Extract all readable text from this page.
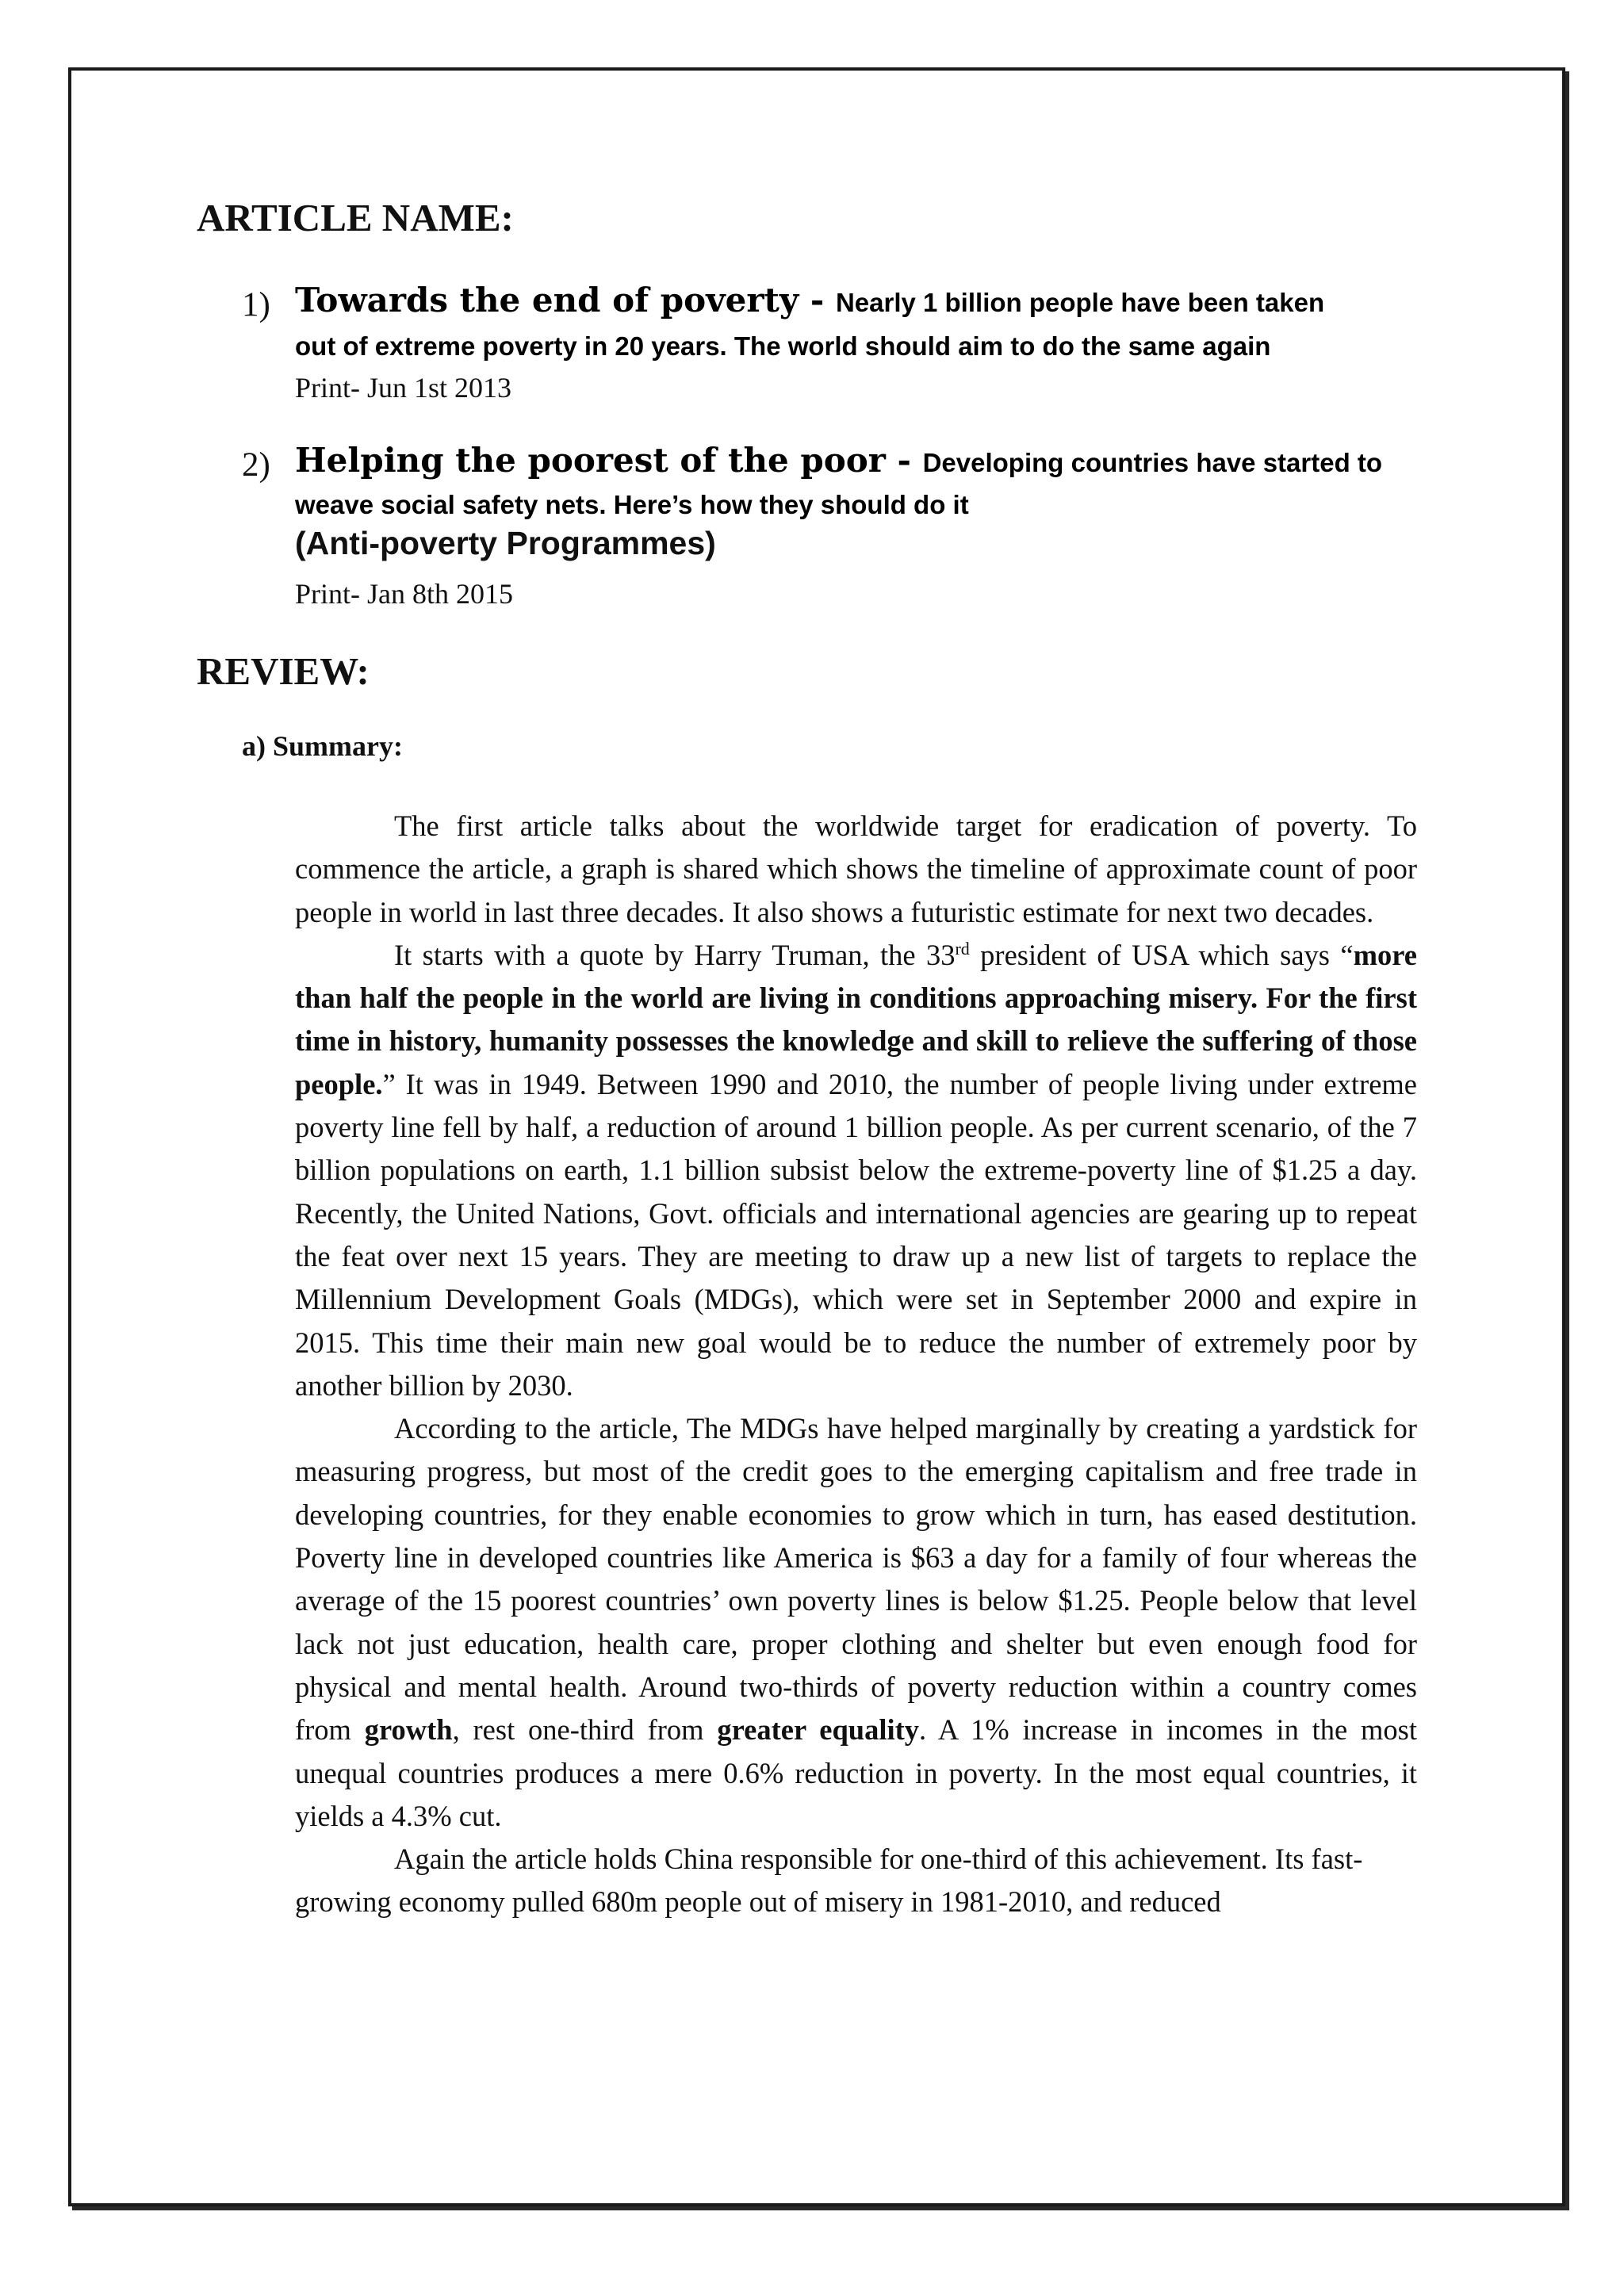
ARTICLE NAME:
1) Towards the end of poverty - Nearly 1 billion people have been taken
out of extreme poverty in 20 years. The world should aim to do the same again
Print- Jun 1st 2013
2) Helping the poorest of the poor - Developing countries have started to
weave social safety nets. Here’s how they should do it
(Anti-poverty Programmes)
Print- Jan 8th 2015
REVIEW:
a) Summary:

The first article talks about the worldwide target for eradication of poverty. To commence the article, a graph is shared which shows the timeline of approximate count of poor people in world in last three decades. It also shows a futuristic estimate for next two decades.

It starts with a quote by Harry Truman, the 33rd president of USA which says “more than half the people in the world are living in conditions approaching misery. For the first time in history, humanity possesses the knowledge and skill to relieve the suffering of those people.” It was in 1949. Between 1990 and 2010, the number of people living under extreme poverty line fell by half, a reduction of around 1 billion people. As per current scenario, of the 7 billion populations on earth, 1.1 billion subsist below the extreme-poverty line of $1.25 a day. Recently, the United Nations, Govt. officials and international agencies are gearing up to repeat the feat over next 15 years. They are meeting to draw up a new list of targets to replace the Millennium Development Goals (MDGs), which were set in September 2000 and expire in 2015. This time their main new goal would be to reduce the number of extremely poor by another billion by 2030.

According to the article, The MDGs have helped marginally by creating a yardstick for measuring progress, but most of the credit goes to the emerging capitalism and free trade in developing countries, for they enable economies to grow which in turn, has eased destitution. Poverty line in developed countries like America is $63 a day for a family of four whereas the average of the 15 poorest countries’ own poverty lines is below $1.25. People below that level lack not just education, health care, proper clothing and shelter but even enough food for physical and mental health. Around two-thirds of poverty reduction within a country comes from growth, rest one-third from greater equality. A 1% increase in incomes in the most unequal countries produces a mere 0.6% reduction in poverty. In the most equal countries, it yields a 4.3% cut.

Again the article holds China responsible for one-third of this achievement. Its fast-growing economy pulled 680m people out of misery in 1981-2010, and reduced
